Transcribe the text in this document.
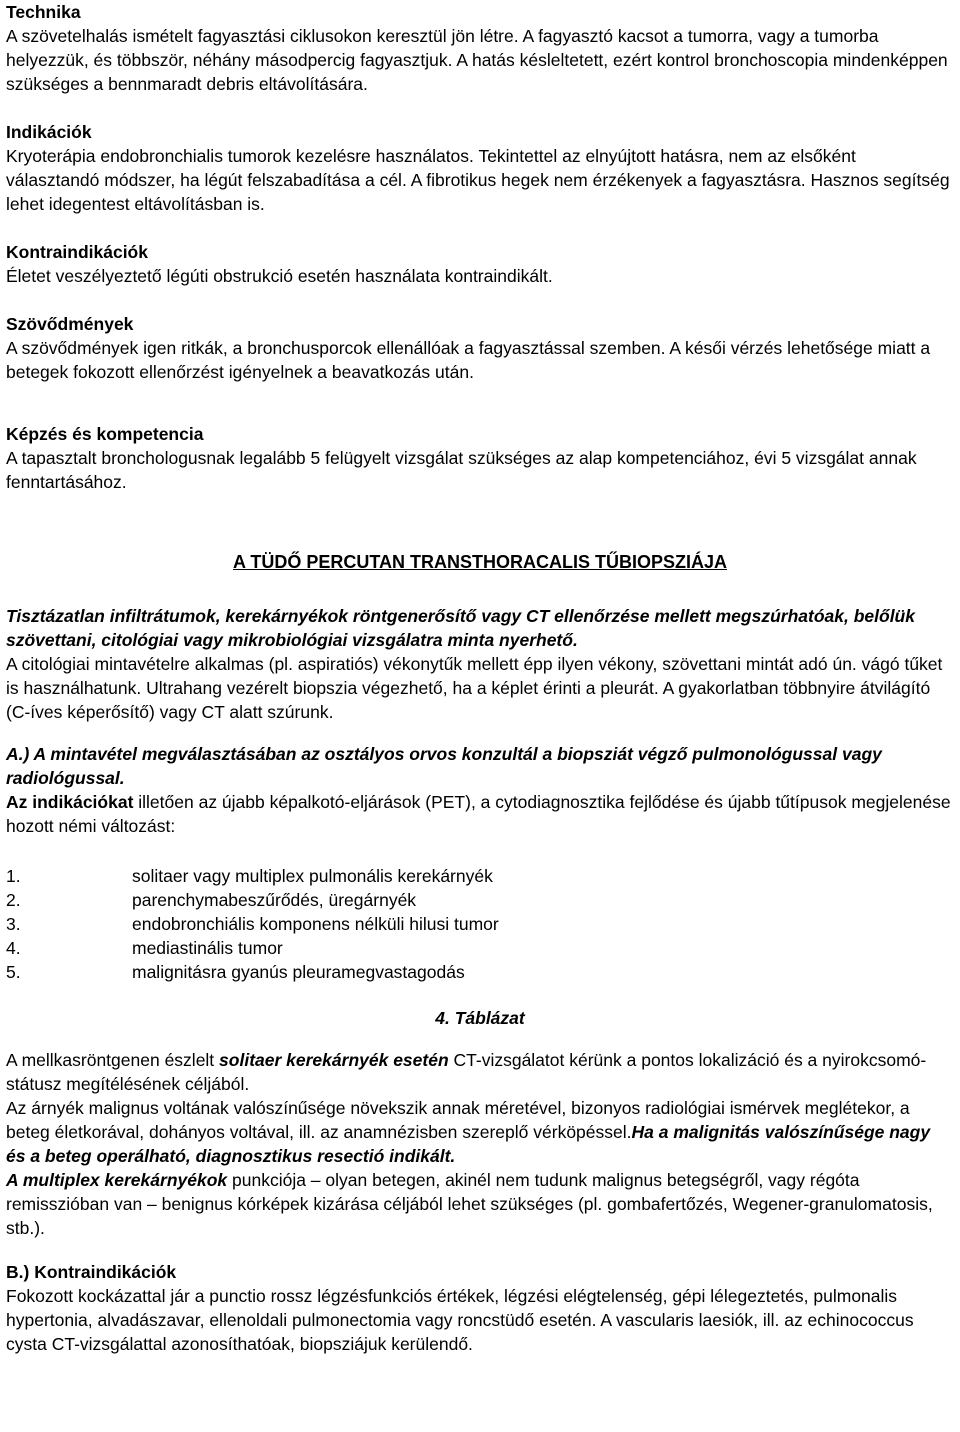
Technika

A szövetelhalás ismételt fagyasztási ciklusokon keresztül jön létre. A fagyasztó kacsot a tumorra, vagy a tumorba helyezzük, és többször, néhány másodpercig fagyasztjuk. A hatás késleltetett, ezért kontrol bronchoscopia mindenképpen szükséges a bennmaradt debris eltávolítására.

Indikációk

Kryoterápia endobronchialis tumorok kezelésre használatos. Tekintettel az elnyújtott hatásra, nem az elsőként választandó módszer, ha légút felszabadítása a cél. A fibrotikus hegek nem érzékenyek a fagyasztásra. Hasznos segítség lehet idegentest eltávolításban is.

Kontraindikációk

Életet veszélyeztető légúti obstrukció esetén használata kontraindikált.

Szövődmények

A szövődmények igen ritkák, a bronchusporcok ellenállóak a fagyasztással szemben. A késői vérzés lehetősége miatt a betegek fokozott ellenőrzést igényelnek a beavatkozás után.

Képzés és kompetencia

A tapasztalt bronchologusnak legalább 5 felügyelt vizsgálat szükséges az alap kompetenciához, évi 5 vizsgálat annak fenntartásához.

A TÜDŐ PERCUTAN TRANSTHORACALIS TŰBIOPSZIÁJA

Tisztázatlan infiltrátumok, kerekárnyékok röntgenerősítő vagy CT ellenőrzése mellett megszúrhatóak, belőlük szövettani, citológiai vagy mikrobiológiai vizsgálatra minta nyerhető.

A citológiai mintavételre alkalmas (pl. aspiratiós) vékonytűk mellett épp ilyen vékony, szövettani mintát adó ún. vágó tűket is használhatunk. Ultrahang vezérelt biopszia végezhető, ha a képlet érinti a pleurát. A gyakorlatban többnyire átvilágító (C-íves képerősítő) vagy CT alatt szúrunk.

A.) A mintavétel megválasztásában az osztályos orvos konzultál a biopsziát végző pulmonológussal vagy radiológussal.

Az indikációkat illetően az újabb képalkotó-eljárások (PET), a cytodiagnosztika fejlődése és újabb tűtípusok megjelenése hozott némi változást:

1.	solitaer vagy multiplex pulmonális kerekárnyék
2.	parenchymabeszűrődés, üregárnyék
3.	endobronchiális komponens nélküli hilusi tumor
4.	mediastinális tumor
5.	malignitásra gyanús pleuramegvastagodás

4. Táblázat

A mellkasröntgenen észlelt solitaer kerekárnyék esetén CT-vizsgálatot kérünk a pontos lokalizáció és a nyirokcsomó-státusz megítélésének céljából.

Az árnyék malignus voltának valószínűsége növekszik annak méretével, bizonyos radiológiai ismérvek meglétekor, a beteg életkorával, dohányos voltával, ill. az anamnézisben szereplő vérköpéssel.Ha a malignitás valószínűsége nagy és a beteg operálható, diagnosztikus resectió indikált.

A multiplex kerekárnyékok punkciója – olyan betegen, akinél nem tudunk malignus betegségről, vagy régóta remisszióban van – benignus kórképek kizárása céljából lehet szükséges (pl. gombafertőzés, Wegener-granulomatosis, stb.).

B.) Kontraindikációk

Fokozott kockázattal jár a punctio rossz légzésfunkciós értékek, légzési elégtelenség, gépi lélegeztetés, pulmonalis hypertonia, alvadászavar, ellenoldali pulmonectomia vagy roncstüdő esetén. A vascularis laesiók, ill. az echinococcus cysta CT-vizsgálattal azonosíthatóak, biopsziájuk kerülendő.
